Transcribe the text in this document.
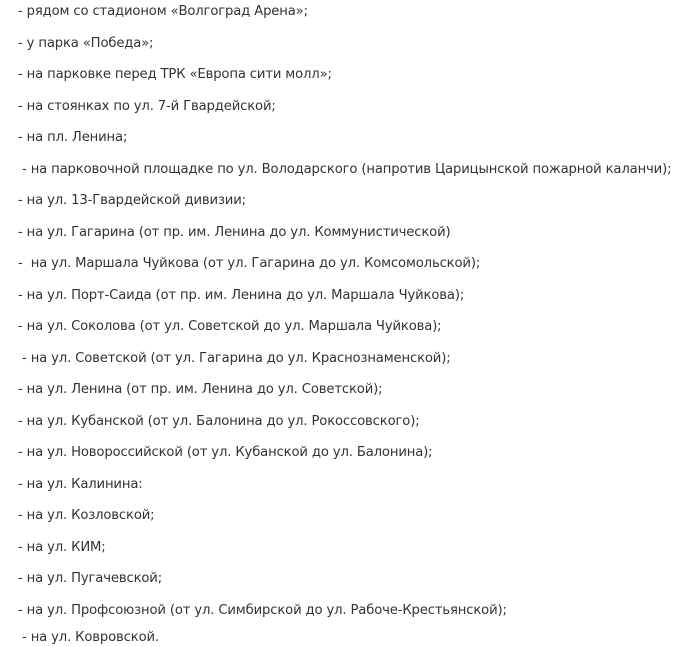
- рядом со стадионом «Волгоград Арена»;
- у парка «Победа»;
- на парковке перед ТРК «Европа сити молл»;
- на стоянках по ул. 7-й Гвардейской;
- на пл. Ленина;
- на парковочной площадке по ул. Володарского (напротив Царицынской пожарной каланчи);
- на ул. 13-Гвардейской дивизии;
- на ул. Гагарина (от пр. им. Ленина до ул. Коммунистической)
-  на ул. Маршала Чуйкова (от ул. Гагарина до ул. Комсомольской);
- на ул. Порт-Саида (от пр. им. Ленина до ул. Маршала Чуйкова);
- на ул. Соколова (от ул. Советской до ул. Маршала Чуйкова);
- на ул. Советской (от ул. Гагарина до ул. Краснознаменской);
- на ул. Ленина (от пр. им. Ленина до ул. Советской);
- на ул. Кубанской (от ул. Балонина до ул. Рокоссовского);
- на ул. Новороссийской (от ул. Кубанской до ул. Балонина);
- на ул. Калинина:
- на ул. Козловской;
- на ул. КИМ;
- на ул. Пугачевской;
- на ул. Профсоюзной (от ул. Симбирской до ул. Рабоче-Крестьянской);
- на ул. Ковровской.
